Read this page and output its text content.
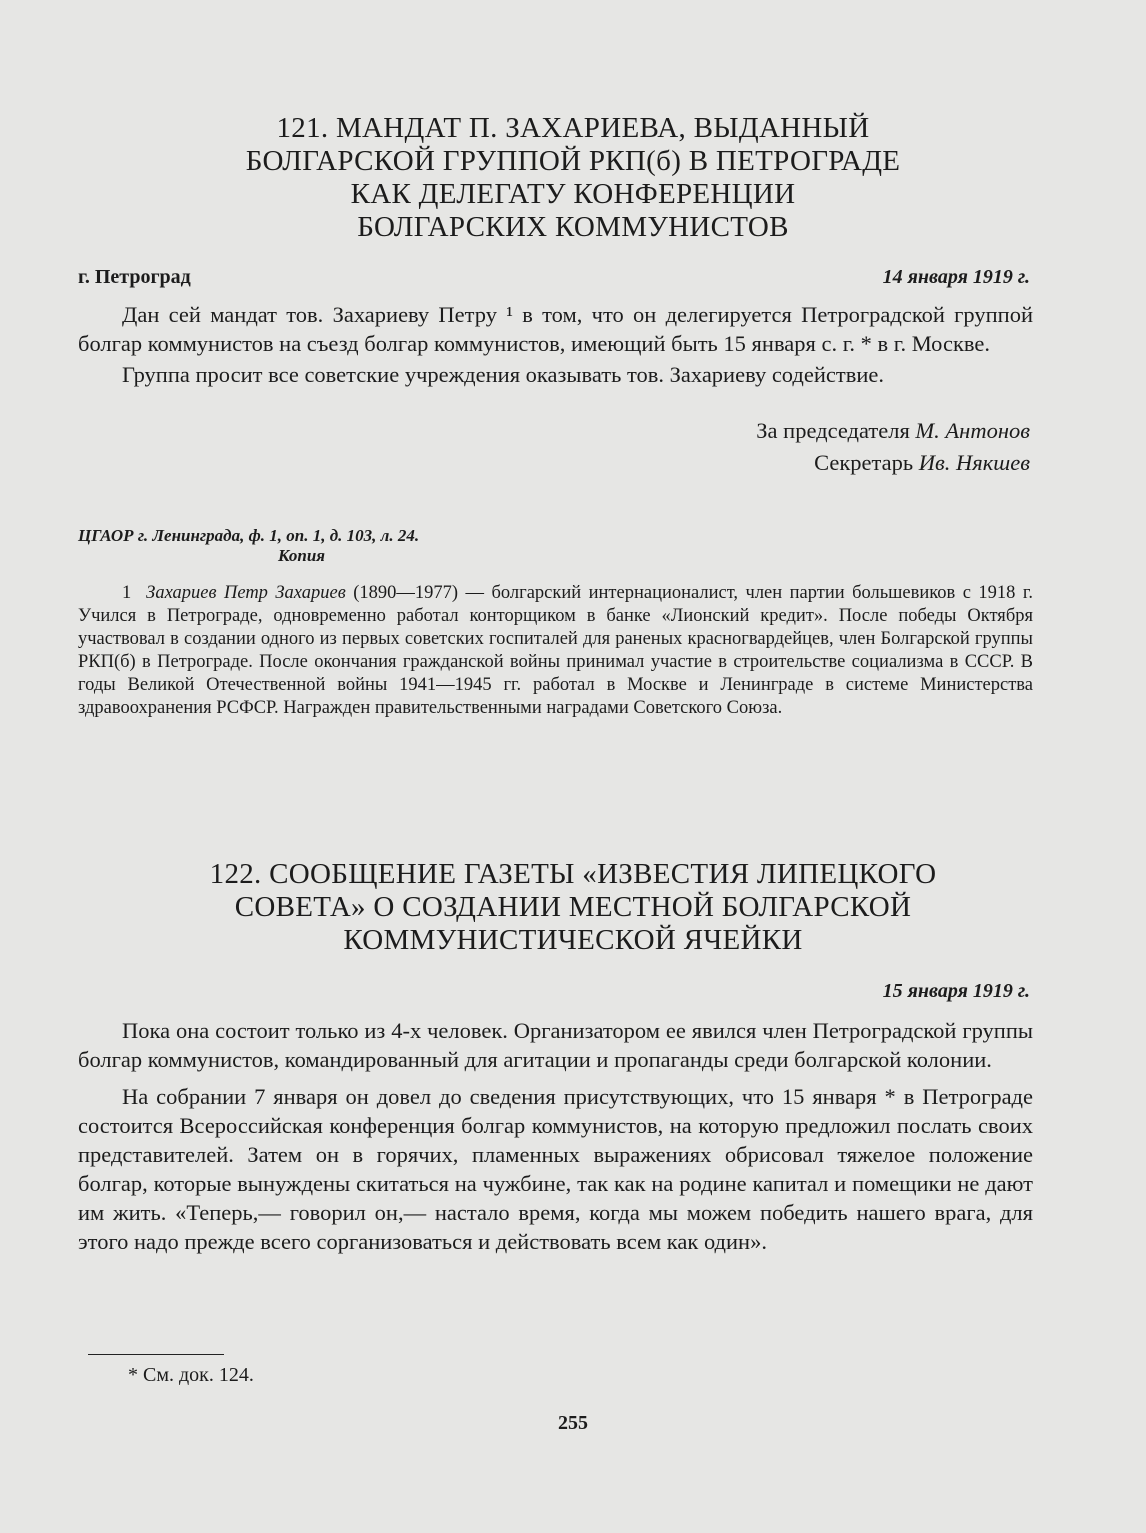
121. МАНДАТ П. ЗАХАРИЕВА, ВЫДАННЫЙ
БОЛГАРСКОЙ ГРУППОЙ РКП(б) В ПЕТРОГРАДЕ
КАК ДЕЛЕГАТУ КОНФЕРЕНЦИИ
БОЛГАРСКИХ КОММУНИСТОВ
г. Петроград	14 января 1919 г.

Дан сей мандат тов. Захариеву Петру ¹ в том, что он делегируется Петроградской группой болгар коммунистов на съезд болгар коммунистов, имеющий быть 15 января с. г. * в г. Москве.

Группа просит все советские учреждения оказывать тов. Захариеву содействие.

За председателя М. Антонов
Секретарь Ив. Някшев
ЦГАОР г. Ленинграда, ф. 1, оп. 1, д. 103, л. 24.
Копия

1 Захариев Петр Захариев (1890—1977) — болгарский интернационалист, член партии большевиков с 1918 г. Учился в Петрограде, одновременно работал конторщиком в банке «Лионский кредит». После победы Октября участвовал в создании одного из первых советских госпиталей для раненых красногвардейцев, член Болгарской группы РКП(б) в Петрограде. После окончания гражданской войны принимал участие в строительстве социализма в СССР. В годы Великой Отечественной войны 1941—1945 гг. работал в Москве и Ленинграде в системе Министерства здравоохранения РСФСР. Награжден правительственными наградами Советского Союза.

122. СООБЩЕНИЕ ГАЗЕТЫ «ИЗВЕСТИЯ ЛИПЕЦКОГО
СОВЕТА» О СОЗДАНИИ МЕСТНОЙ БОЛГАРСКОЙ
КОММУНИСТИЧЕСКОЙ ЯЧЕЙКИ
15 января 1919 г.

Пока она состоит только из 4-х человек. Организатором ее явился член Петроградской группы болгар коммунистов, командированный для агитации и пропаганды среди болгарской колонии.

На собрании 7 января он довел до сведения присутствующих, что 15 января * в Петрограде состоится Всероссийская конференция болгар коммунистов, на которую предложил послать своих представителей. Затем он в горячих, пламенных выражениях обрисовал тяжелое положение болгар, которые вынуждены скитаться на чужбине, так как на родине капитал и помещики не дают им жить. «Теперь,— говорил он,— настало время, когда мы можем победить нашего врага, для этого надо прежде всего сорганизоваться и действовать всем как один».

* См. док. 124.
255
